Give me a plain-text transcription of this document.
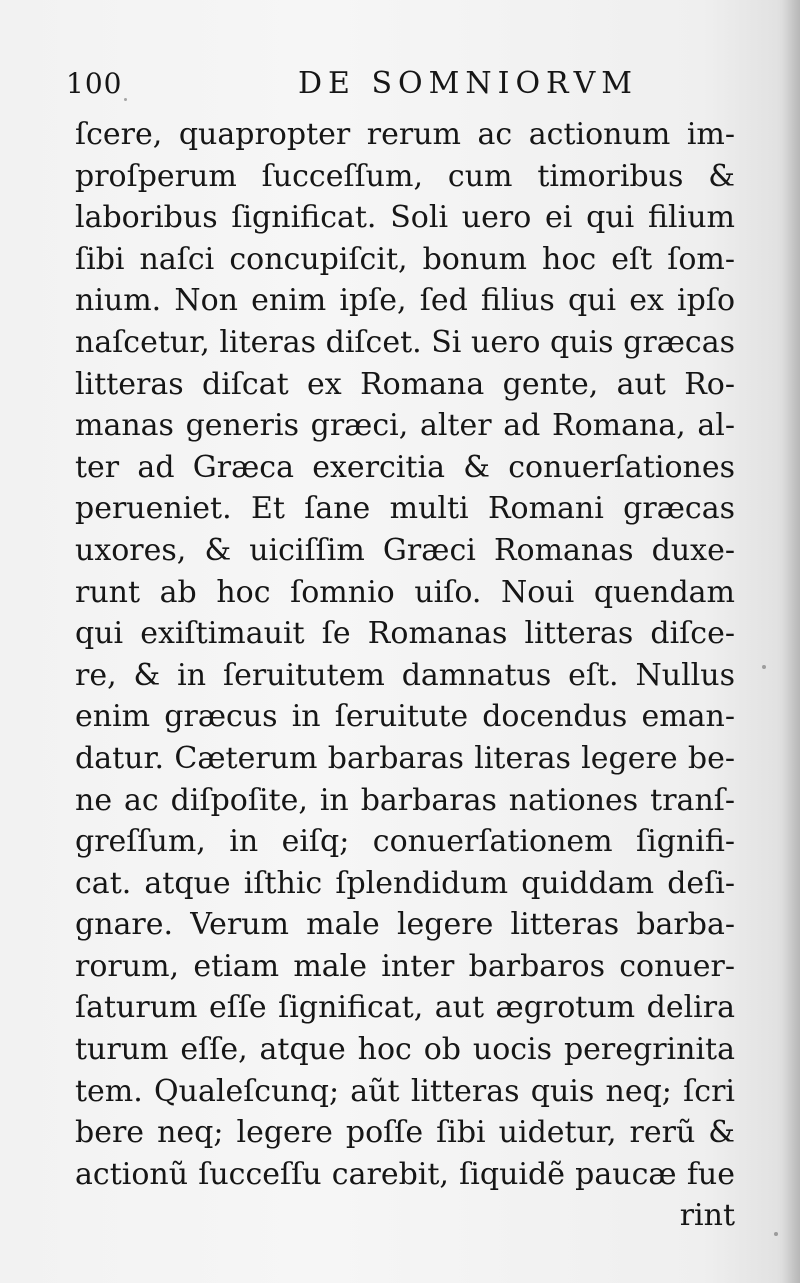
100	DE SOMNIORVM
ſcere, quapropter rerum ac actionum im-
proſperum ſucceſſum, cum timoribus &
laboribus ſignificat. Soli uero ei qui filium
ſibi naſci concupiſcit, bonum hoc eſt ſom-
nium. Non enim ipſe, ſed filius qui ex ipſo
naſcetur, literas diſcet. Si uero quis græcas
litteras diſcat ex Romana gente, aut Ro-
manas generis græci, alter ad Romana, al-
ter ad Græca exercitia & conuerſationes
perueniet. Et ſane multi Romani græcas
uxores, & uiciſſim Græci Romanas duxe-
runt ab hoc ſomnio uiſo. Noui quendam
qui exiſtimauit ſe Romanas litteras diſce-
re, & in ſeruitutem damnatus eſt. Nullus
enim græcus in ſeruitute docendus eman-
datur. Cæterum barbaras literas legere be-
ne ac diſpoſite, in barbaras nationes tranſ-
greſſum, in eiſq; conuerſationem ſignifi-
cat. atque iſthic ſplendidum quiddam deſi-
gnare. Verum male legere litteras barba-
rorum, etiam male inter barbaros conuer-
ſaturum eſſe ſignificat, aut ægrotum delira
turum eſſe, atque hoc ob uocis peregrinita
tem. Qualeſcunq; aũt litteras quis neq; ſcri
bere neq; legere poſſe ſibi uidetur, rerũ &
actionũ ſucceſſu carebit, ſiquidẽ paucæ fue
rint
